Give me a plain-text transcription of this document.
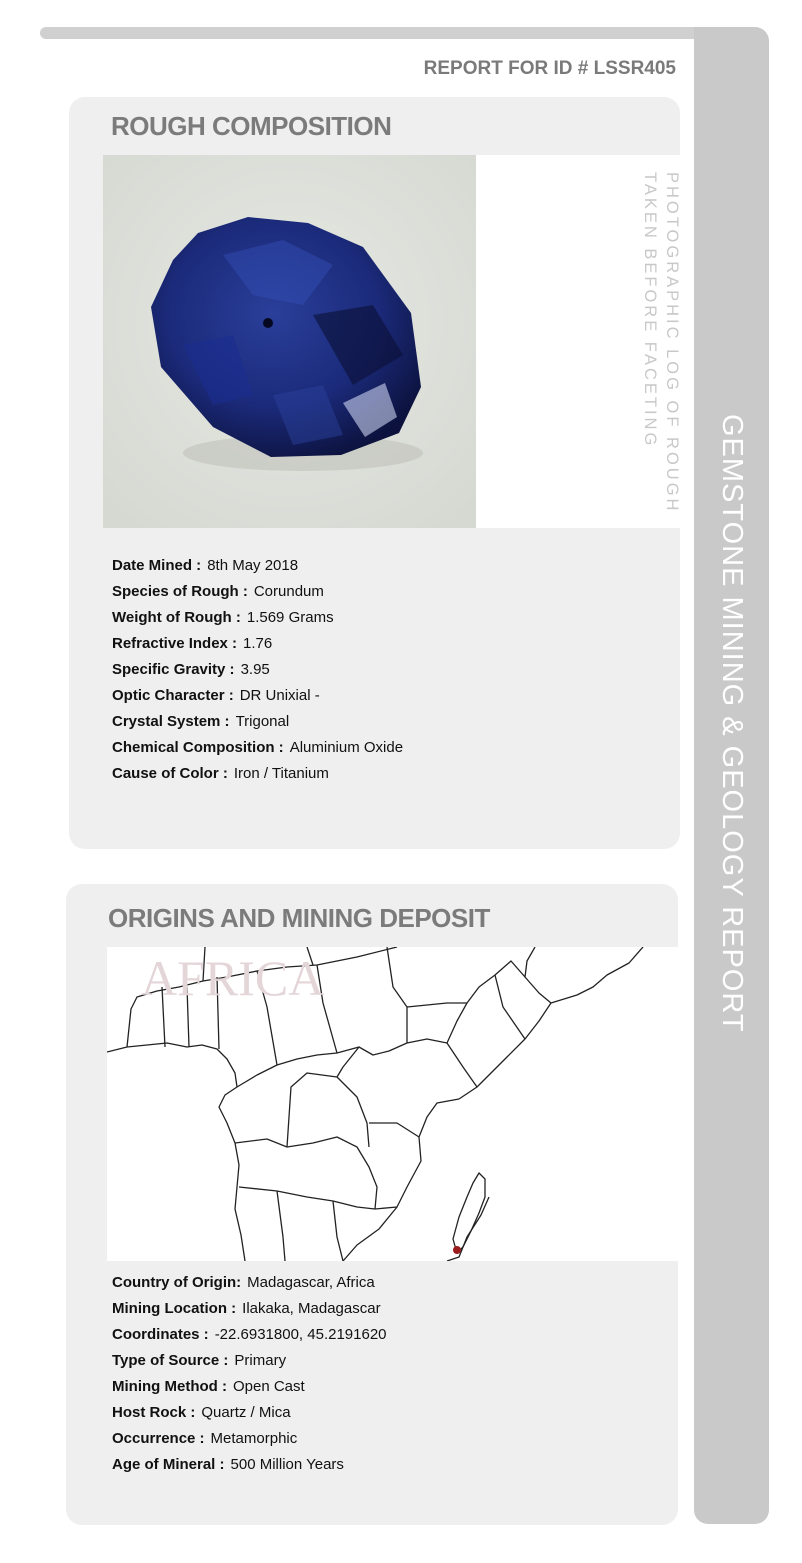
GEMSTONE MINING & GEOLOGY REPORT
REPORT FOR ID # LSSR405
ROUGH COMPOSITION
PHOTOGRAPHIC LOG OF ROUGH
TAKEN BEFORE FACETING
Date Mined : 8th May 2018
Species of Rough : Corundum
Weight of Rough : 1.569 Grams
Refractive Index : 1.76
Specific Gravity : 3.95
Optic Character : DR Unixial -
Crystal System : Trigonal
Chemical Composition : Aluminium Oxide
Cause of Color : Iron / Titanium
ORIGINS AND MINING DEPOSIT
AFRICA
Country of Origin: Madagascar, Africa
Mining Location : Ilakaka, Madagascar
Coordinates : -22.6931800, 45.2191620
Type of Source : Primary
Mining Method : Open Cast
Host Rock : Quartz / Mica
Occurrence : Metamorphic
Age of Mineral : 500 Million Years
